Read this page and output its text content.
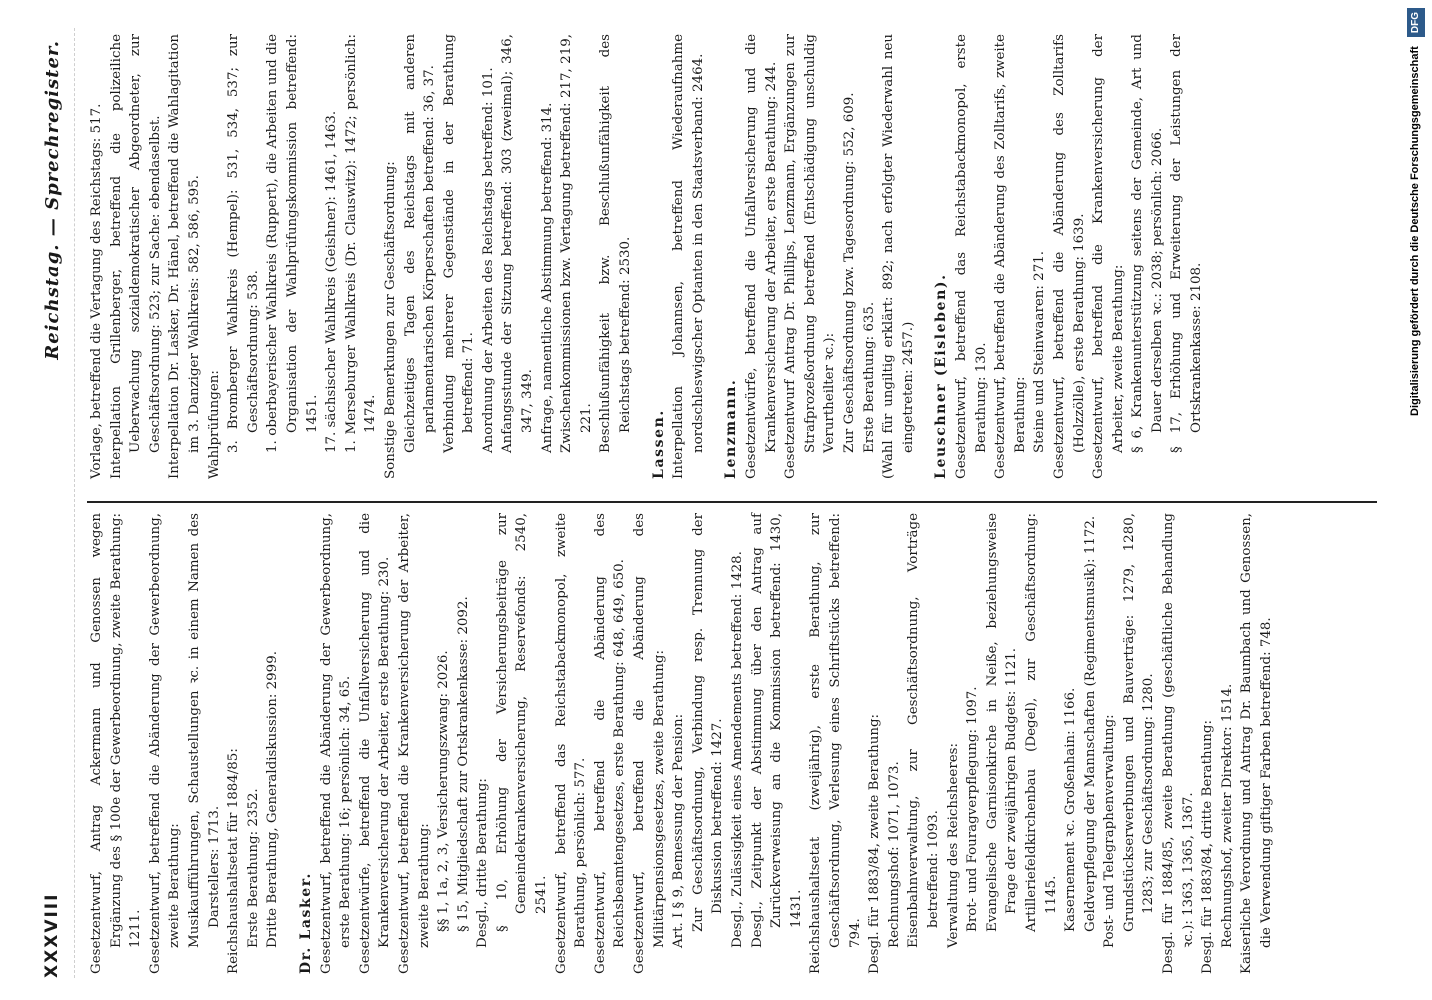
XXXVIII
Reichstag. — Sprechregister.
Gesetzentwurf, Antrag Ackermann und Genossen wegen Ergänzung des § 100e der Gewerbeordnung, zweite Berathung: 1211. Gesetzentwurf, betreffend die Abänderung der Gewerbeordnung, zweite Berathung: Musikaufführungen, Schaustellungen ꝛc. in einem Namen des Darstellers: 1713. Reichshaushaltsetat für 1884/85: Erste Berathung: 2352. Dritte Berathung, Generaldiskussion: 2999. Dr. Lasker. Gesetzentwurf, betreffend die Abänderung der Gewerbeordnung, erste Berathung: 16; persönlich: 34, 65. Gesetzentwürfe, betreffend die Unfallversicherung und die Krankenversicherung der Arbeiter, erste Berathung: 230. Gesetzentwurf, betreffend die Krankenversicherung der Arbeiter, zweite Berathung: §§ 1, 1a, 2, 3, Versicherungszwang: 2026. § 15, Mitgliedschaft zur Ortskrankenkasse: 2092. Desgl., dritte Berathung: § 10, Erhöhung der Versicherungsbeiträge zur Gemeindekrankenversicherung, Reservefonds: 2540, 2541. Gesetzentwurf, betreffend das Reichstabackmonopol, zweite Berathung, persönlich: 577. Gesetzentwurf, betreffend die Abänderung des Reichsbeamtengesetzes, erste Berathung: 648, 649, 650. Gesetzentwurf, betreffend die Abänderung des Militärpensionsgesetzes, zweite Berathung: Art. I § 9, Bemessung der Pension: Zur Geschäftsordnung, Verbindung resp. Trennung der Diskussion betreffend: 1427. Desgl., Zulässigkeit eines Amendements betreffend: 1428. Desgl., Zeitpunkt der Abstimmung über den Antrag auf Zurückverweisung an die Kommission betreffend: 1430, 1431. Reichshaushaltsetat (zweijährig), erste Berathung, zur Geschäftsordnung, Verlesung eines Schriftstücks betreffend: 794. Desgl. für 1883/84, zweite Berathung: Rechnungshof: 1071, 1073. Eisenbahnverwaltung, zur Geschäftsordnung, Vorträge betreffend: 1093. Verwaltung des Reichsheeres: Brot- und Fouragverpflegung: 1097. Evangelische Garnisonkirche in Neiße, beziehungsweise Frage der zweijährigen Budgets: 1121. Artilleriefeldkirchenbau (Degel), zur Geschäftsordnung: 1145. Kasernement ꝛc. Großenhain: 1166. Geldverpflegung der Mannschaften (Regimentsmusik): 1172. Post- und Telegraphenverwaltung: Grundstückserwerbungen und Bauverträge: 1279, 1280, 1283; zur Geschäftsordnung: 1280. Desgl. für 1884/85, zweite Berathung (geschäftliche Behandlung ꝛc.): 1363, 1365, 1367. Desgl. für 1883/84, dritte Berathung: Rechnungshof, zweiter Direktor: 1514. Kaiserliche Verordnung und Antrag Dr. Baumbach und Genossen, die Verwendung giftiger Farben betreffend: 748.
Vorlage, betreffend die Vertagung des Reichstags: 517. Interpellation Grillenberger, betreffend die polizeiliche Ueberwachung sozialdemokratischer Abgeordneter, zur Geschäftsordnung: 523; zur Sache: ebendaselbst. Interpellation Dr. Lasker, Dr. Hänel, betreffend die Wahlagitation im 3. Danziger Wahlkreis: 582, 586, 595. Wahlprüfungen: 3. Bromberger Wahlkreis (Hempel): 531, 534, 537; zur Geschäftsordnung: 538. 1. oberbayerischer Wahlkreis (Ruppert), die Arbeiten und die Organisation der Wahlprüfungskommission betreffend: 1451. 17. sächsischer Wahlkreis (Geishner): 1461, 1463. 1. Merseburger Wahlkreis (Dr. Clauswitz): 1472; persönlich: 1474. Sonstige Bemerkungen zur Geschäftsordnung: Gleichzeitiges Tagen des Reichstags mit anderen parlamentarischen Körperschaften betreffend: 36, 37. Verbindung mehrerer Gegenstände in der Berathung betreffend: 71. Anordnung der Arbeiten des Reichstags betreffend: 101. Anfangsstunde der Sitzung betreffend: 303 (zweimal); 346, 347, 349. Anfrage, namentliche Abstimmung betreffend: 314. Zwischenkommissionen bzw. Vertagung betreffend: 217, 219, 221. Beschlußunfähigkeit bzw. Beschlußunfähigkeit des Reichstags betreffend: 2530.
Lassen. Interpellation Johannsen, betreffend Wiederaufnahme nordschleswigscher Optanten in den Staatsverband: 2464. Lenzmann. Gesetzentwürfe, betreffend die Unfallversicherung und die Krankenversicherung der Arbeiter, erste Berathung: 244. Gesetzentwurf Antrag Dr. Phillips, Lenzmann, Ergänzungen zur Strafprozeßordnung betreffend (Entschädigung unschuldig Verurtheilter ꝛc.): Zur Geschäftsordnung bzw. Tagesordnung: 552, 609. Erste Berathung: 635. (Wahl für ungiltig erklärt: 892; nach erfolgter Wiederwahl neu eingetreten: 2457.) Leuschner (Eisleben). Gesetzentwurf, betreffend das Reichstabackmonopol, erste Berathung: 130. Gesetzentwurf, betreffend die Abänderung des Zolltarifs, zweite Berathung: Steine und Steinwaaren: 271. Gesetzentwurf, betreffend die Abänderung des Zolltarifs (Holzzölle), erste Berathung: 1639. Gesetzentwurf, betreffend die Krankenversicherung der Arbeiter, zweite Berathung: § 6, Krankenunterstützung seitens der Gemeinde, Art und Dauer derselben ꝛc.: 2038; persönlich: 2066. § 17, Erhöhung und Erweiterung der Leistungen der Ortskrankenkasse: 2108.	Digitalisierung gefördert durch die Deutsche Forschungsgemeinschaft DFG
